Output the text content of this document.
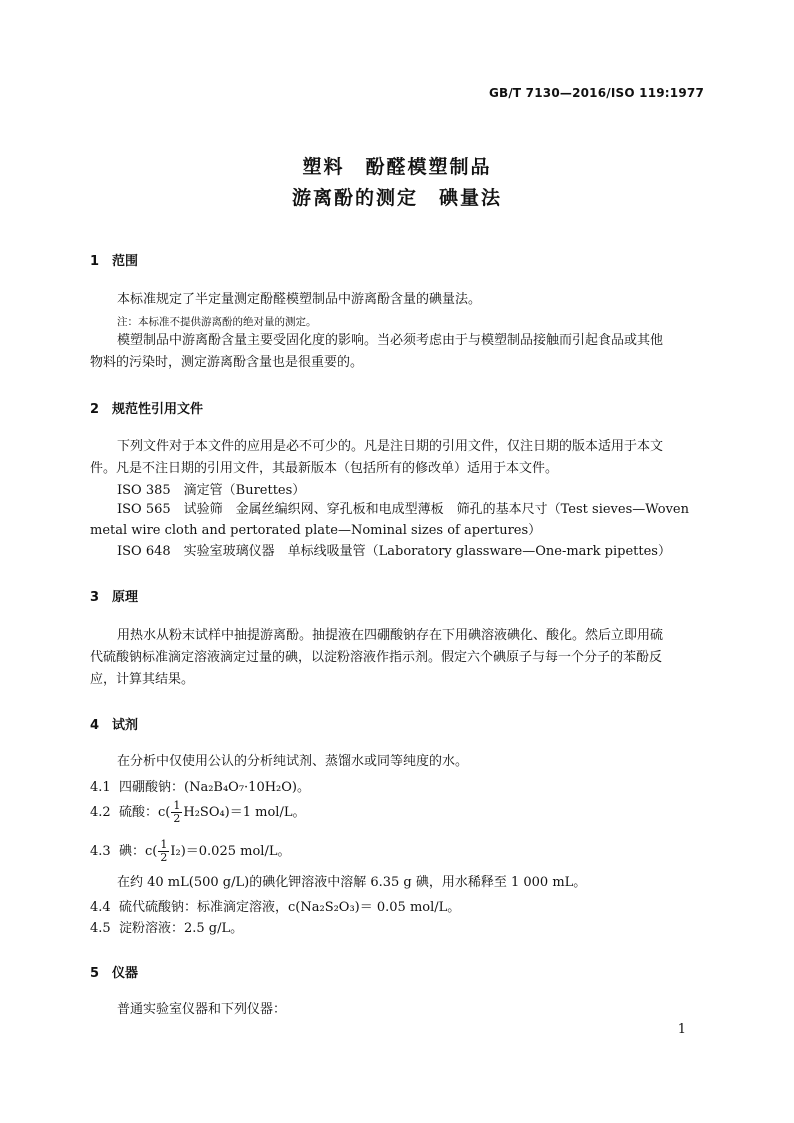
GB/T 7130—2016/ISO 119:1977
塑料　酚醛模塑制品
游离酚的测定　碘量法
1 范围
本标准规定了半定量测定酚醛模塑制品中游离酚含量的碘量法。
注：本标准不提供游离酚的绝对量的测定。
模塑制品中游离酚含量主要受固化度的影响。当必须考虑由于与模塑制品接触而引起食品或其他
物料的污染时，测定游离酚含量也是很重要的。
2 规范性引用文件
下列文件对于本文件的应用是必不可少的。凡是注日期的引用文件，仅注日期的版本适用于本文
件。凡是不注日期的引用文件，其最新版本（包括所有的修改单）适用于本文件。
ISO 385　滴定管（Burettes）
ISO 565　试验筛　金属丝编织网、穿孔板和电成型薄板　筛孔的基本尺寸（Test sieves—Woven
metal wire cloth and pertorated plate—Nominal sizes of apertures）
ISO 648　实验室玻璃仪器　单标线吸量管（Laboratory glassware—One-mark pipettes）
3 原理
用热水从粉末试样中抽提游离酚。抽提液在四硼酸钠存在下用碘溶液碘化、酸化。然后立即用硫
代硫酸钠标准滴定溶液滴定过量的碘，以淀粉溶液作指示剂。假定六个碘原子与每一个分子的苯酚反
应，计算其结果。
4 试剂
在分析中仅使用公认的分析纯试剂、蒸馏水或同等纯度的水。
4.1 四硼酸钠：(Na₂B₄O₇·10H₂O)。
4.2 硫酸：$c( \frac{1}{2} H_2SO_4)=1$ mol/L。
4.3 碘：$c( \frac{1}{2} I_2)=0.025$ mol/L。
在约 40 mL(500 g/L)的碘化钾溶液中溶解 6.35 g 碘，用水稀释至 1 000 mL。
4.4 硫代硫酸钠：标准滴定溶液，c(Na₂S₂O₃)＝ 0.05 mol/L。
4.5 淀粉溶液：2.5 g/L。
5 仪器
普通实验室仪器和下列仪器：
1
